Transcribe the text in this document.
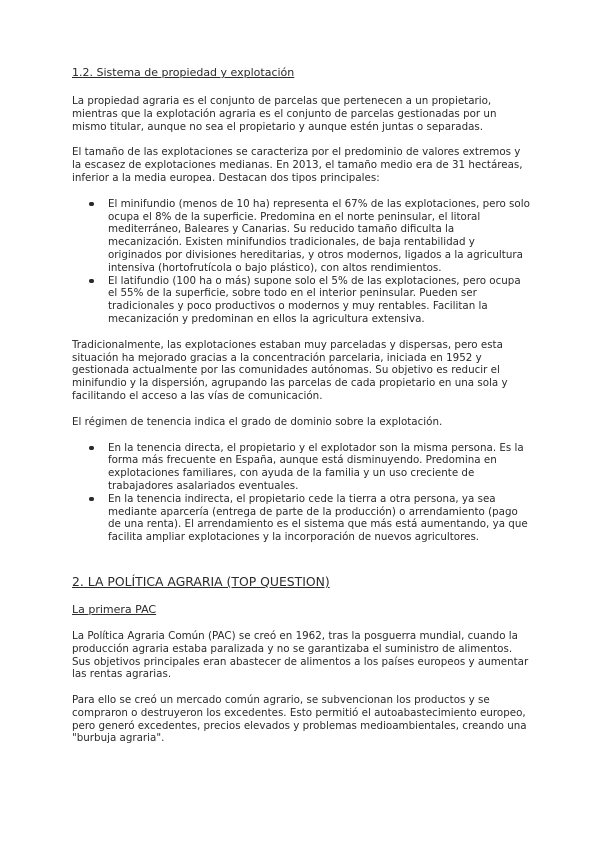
1.2. Sistema de propiedad y explotación

La propiedad agraria es el conjunto de parcelas que pertenecen a un propietario, mientras que la explotación agraria es el conjunto de parcelas gestionadas por un mismo titular, aunque no sea el propietario y aunque estén juntas o separadas.

El tamaño de las explotaciones se caracteriza por el predominio de valores extremos y la escasez de explotaciones medianas. En 2013, el tamaño medio era de 31 hectáreas, inferior a la media europea. Destacan dos tipos principales:

El minifundio (menos de 10 ha) representa el 67% de las explotaciones, pero solo ocupa el 8% de la superficie. Predomina en el norte peninsular, el litoral mediterráneo, Baleares y Canarias. Su reducido tamaño dificulta la mecanización. Existen minifundios tradicionales, de baja rentabilidad y originados por divisiones hereditarias, y otros modernos, ligados a la agricultura intensiva (hortofrutícola o bajo plástico), con altos rendimientos.
El latifundio (100 ha o más) supone solo el 5% de las explotaciones, pero ocupa el 55% de la superficie, sobre todo en el interior peninsular. Pueden ser tradicionales y poco productivos o modernos y muy rentables. Facilitan la mecanización y predominan en ellos la agricultura extensiva.

Tradicionalmente, las explotaciones estaban muy parceladas y dispersas, pero esta situación ha mejorado gracias a la concentración parcelaria, iniciada en 1952 y gestionada actualmente por las comunidades autónomas. Su objetivo es reducir el minifundio y la dispersión, agrupando las parcelas de cada propietario en una sola y facilitando el acceso a las vías de comunicación.

El régimen de tenencia indica el grado de dominio sobre la explotación.

En la tenencia directa, el propietario y el explotador son la misma persona. Es la forma más frecuente en España, aunque está disminuyendo. Predomina en explotaciones familiares, con ayuda de la familia y un uso creciente de trabajadores asalariados eventuales.
En la tenencia indirecta, el propietario cede la tierra a otra persona, ya sea mediante aparcería (entrega de parte de la producción) o arrendamiento (pago de una renta). El arrendamiento es el sistema que más está aumentando, ya que facilita ampliar explotaciones y la incorporación de nuevos agricultores.
2. LA POLÍTICA AGRARIA (TOP QUESTION)
La primera PAC

La Política Agraria Común (PAC) se creó en 1962, tras la posguerra mundial, cuando la producción agraria estaba paralizada y no se garantizaba el suministro de alimentos. Sus objetivos principales eran abastecer de alimentos a los países europeos y aumentar las rentas agrarias.

Para ello se creó un mercado común agrario, se subvencionan los productos y se compraron o destruyeron los excedentes. Esto permitió el autoabastecimiento europeo, pero generó excedentes, precios elevados y problemas medioambientales, creando una "burbuja agraria".
